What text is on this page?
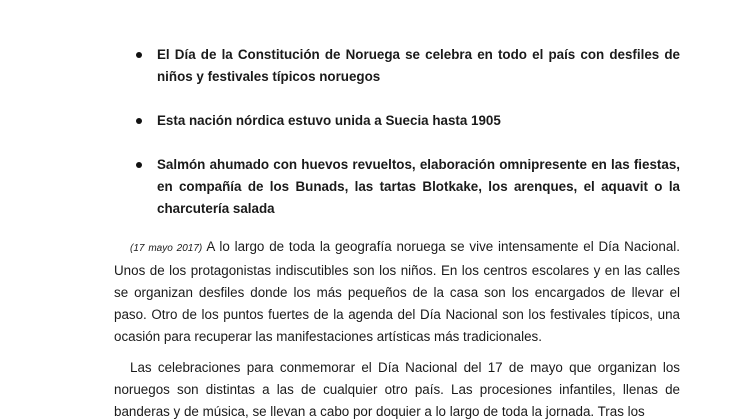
El Día de la Constitución de Noruega se celebra en todo el país con desfiles de niños y festivales típicos noruegos
Esta nación nórdica estuvo unida a Suecia hasta 1905
Salmón ahumado con huevos revueltos, elaboración omnipresente en las fiestas, en compañía de los Bunads, las tartas Blotkake, los arenques, el aquavit o la charcutería salada

(17 mayo 2017) A lo largo de toda la geografía noruega se vive intensamente el Día Nacional. Unos de los protagonistas indiscutibles son los niños. En los centros escolares y en las calles se organizan desfiles donde los más pequeños de la casa son los encargados de llevar el paso. Otro de los puntos fuertes de la agenda del Día Nacional son los festivales típicos, una ocasión para recuperar las manifestaciones artísticas más tradicionales.

Las celebraciones para conmemorar el Día Nacional del 17 de mayo que organizan los noruegos son distintas a las de cualquier otro país. Las procesiones infantiles, llenas de banderas y de música, se llevan a cabo por doquier a lo largo de toda la jornada. Tras los
